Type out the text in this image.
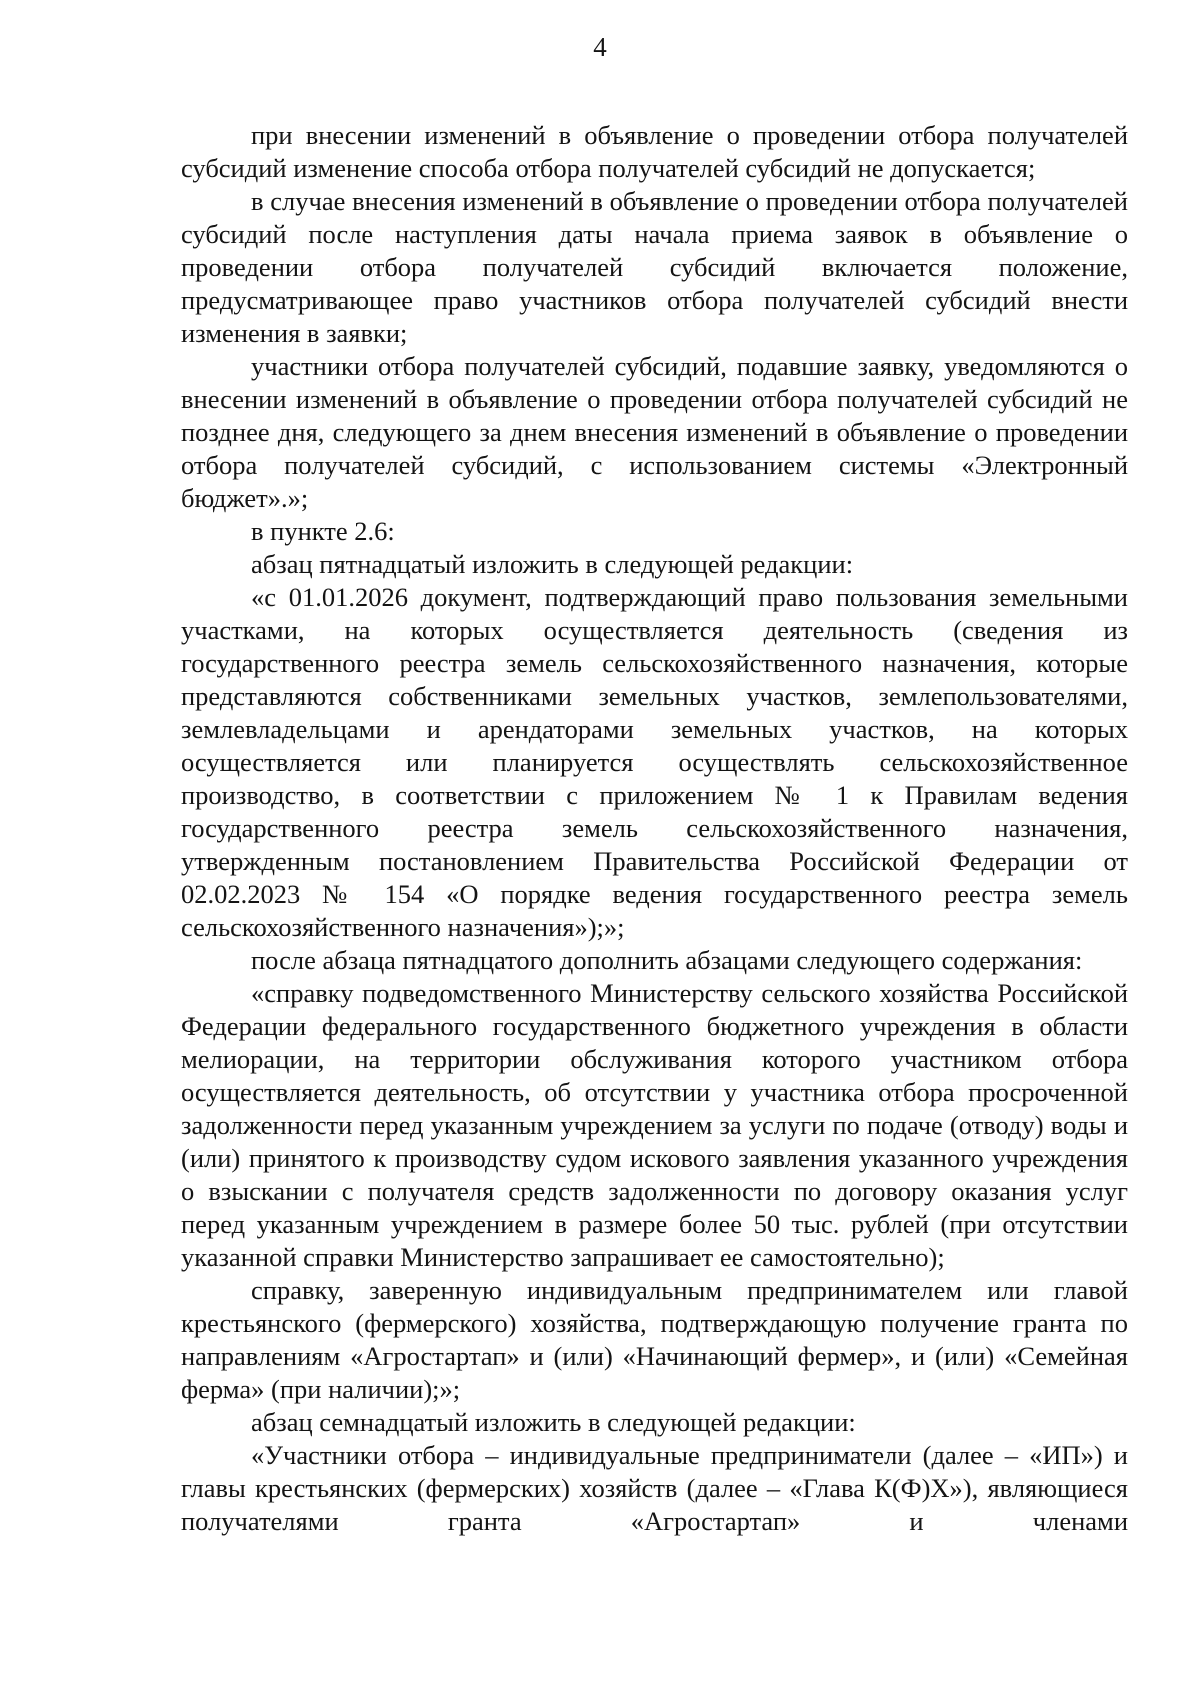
4

при внесении изменений в объявление о проведении отбора получателей субсидий изменение способа отбора получателей субсидий не допускается;

в случае внесения изменений в объявление о проведении отбора получателей субсидий после наступления даты начала приема заявок в объявление о проведении отбора получателей субсидий включается положение, предусматривающее право участников отбора получателей субсидий внести изменения в заявки;

участники отбора получателей субсидий, подавшие заявку, уведомляются о внесении изменений в объявление о проведении отбора получателей субсидий не позднее дня, следующего за днем внесения изменений в объявление о проведении отбора получателей субсидий, с использованием системы «Электронный бюджет».»;

в пункте 2.6:

абзац пятнадцатый изложить в следующей редакции:

«с 01.01.2026 документ, подтверждающий право пользования земельными участками, на которых осуществляется деятельность (сведения из государственного реестра земель сельскохозяйственного назначения, которые представляются собственниками земельных участков, землепользователями, землевладельцами и арендаторами земельных участков, на которых осуществляется или планируется осуществлять сельскохозяйственное производство, в соответствии с приложением № 1 к Правилам ведения государственного реестра земель сельскохозяйственного назначения, утвержденным постановлением Правительства Российской Федерации от 02.02.2023 № 154 «О порядке ведения государственного реестра земель сельскохозяйственного назначения»);»;

после абзаца пятнадцатого дополнить абзацами следующего содержания:

«справку подведомственного Министерству сельского хозяйства Российской Федерации федерального государственного бюджетного учреждения в области мелиорации, на территории обслуживания которого участником отбора осуществляется деятельность, об отсутствии у участника отбора просроченной задолженности перед указанным учреждением за услуги по подаче (отводу) воды и (или) принятого к производству судом искового заявления указанного учреждения о взыскании с получателя средств задолженности по договору оказания услуг перед указанным учреждением в размере более 50 тыс. рублей (при отсутствии указанной справки Министерство запрашивает ее самостоятельно);

справку, заверенную индивидуальным предпринимателем или главой крестьянского (фермерского) хозяйства, подтверждающую получение гранта по направлениям «Агростартап» и (или) «Начинающий фермер», и (или) «Семейная ферма» (при наличии);»;

абзац семнадцатый изложить в следующей редакции:

«Участники отбора – индивидуальные предприниматели (далее – «ИП») и главы крестьянских (фермерских) хозяйств (далее – «Глава К(Ф)Х»), являющиеся получателями гранта «Агростартап» и членами
